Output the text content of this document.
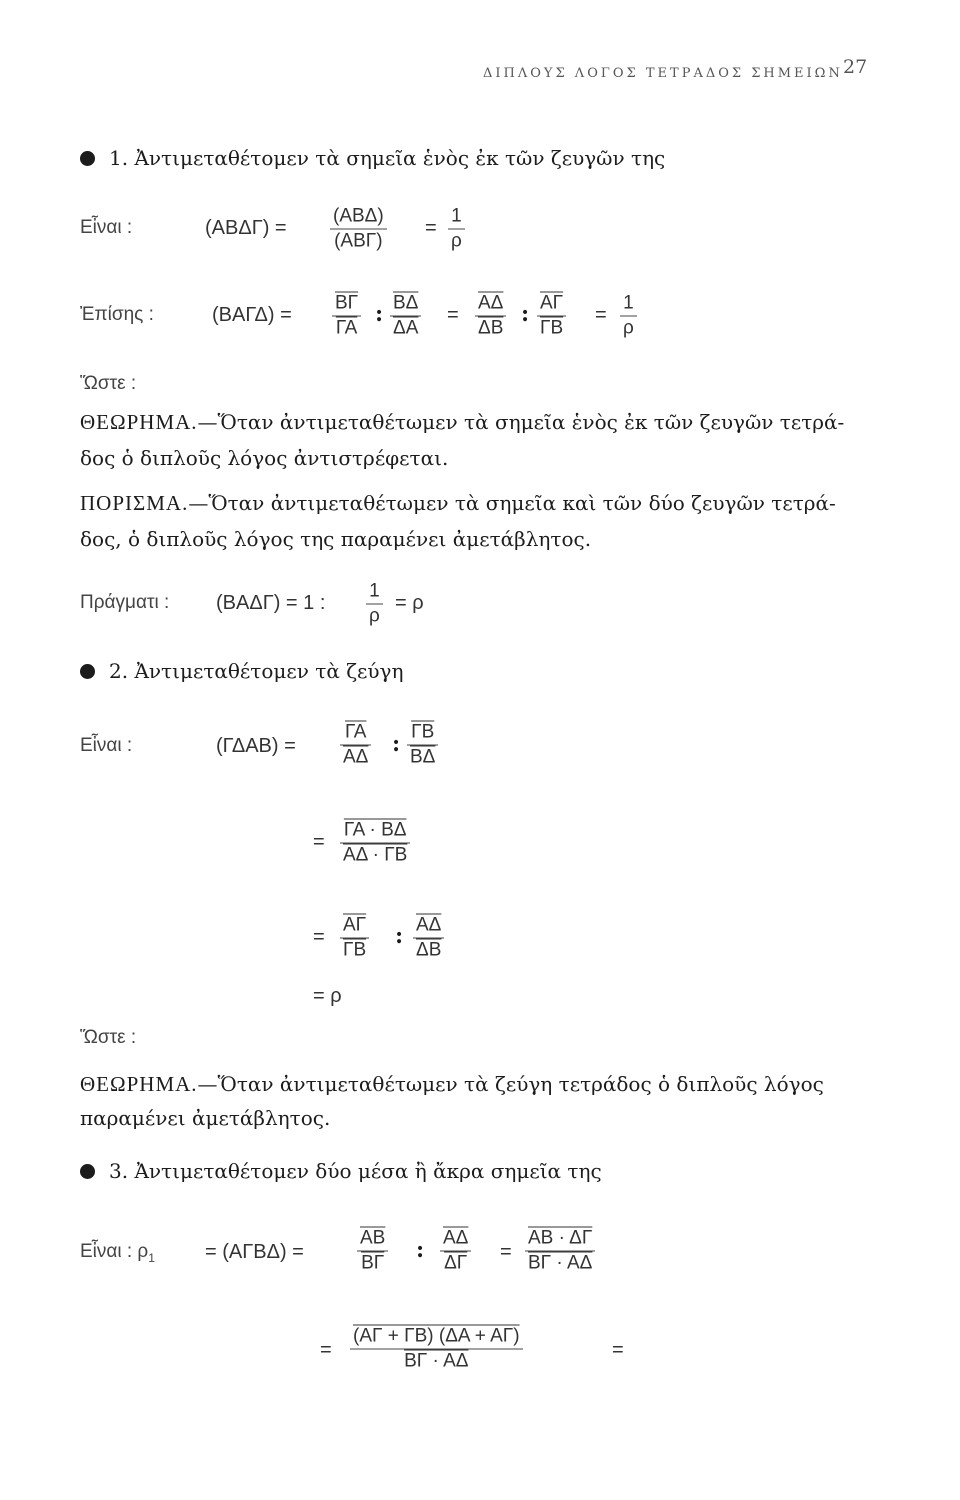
ΔΙΠΛΟΥΣ ΛΟΓΟΣ ΤΕΤΡΑΔΟΣ ΣΗΜΕΙΩΝ 27
1. Ἀντιμεταθέτομεν τὰ σημεῖα ἑνὸς ἐκ τῶν ζευγῶν της
Εἶναι :	(ΑΒΔΓ) =
(ΑΒΔ)
(ΑΒΓ)
=
1
ρ
Ἐπίσης :	$(BA\Gamma\Delta) = \frac{\overline{B\Gamma}}{\Gamma A}$ : $\frac{\overline{B\Delta}}{\Delta A} = \frac{\overline{A\Delta}}{\Delta B}$ : $\frac{\overline{A\Gamma}}{\Gamma B}$ =
1
ρ
Ὥστε :
ΘΕΩΡΗΜΑ.—Ὅταν ἀντιμεταθέτωμεν τὰ σημεῖα ἑνὸς ἐκ τῶν ζευγῶν τετρά-
δος ὁ διπλοῦς λόγος ἀντιστρέφεται.
ΠΟΡΙΣΜΑ.—Ὅταν ἀντιμεταθέτωμεν τὰ σημεῖα καὶ τῶν δύο ζευγῶν τετρά-
δος, ὁ διπλοῦς λόγος της παραμένει ἀμετάβλητος.
Πράγματι : (ΒΑΔΓ) = 1 :
1
ρ
= ρ
2. Ἀντιμεταθέτομεν τὰ ζεύγη
Εἶναι :	$(\Gamma\Delta AB) = \frac{\overline{\Gamma A}}{A\Delta}$ : $\frac{\overline{\Gamma B}}{B\Delta}$
= $\frac{\Gamma A \cdot B\Delta}{A\Delta \cdot \Gamma B}$
= $\frac{\overline{A\Gamma}}{\Gamma B}$ : $\frac{\overline{A\Delta}}{\Delta B}$
= ρ
Ὥστε :
ΘΕΩΡΗΜΑ.—Ὅταν ἀντιμεταθέτωμεν τὰ ζεύγη τετράδος ὁ διπλοῦς λόγος
παραμένει ἀμετάβλητος.
3. Ἀντιμεταθέτομεν δύο μέσα ἢ ἄκρα σημεῖα της
Εἶναι : $\rho_1$	= (ΑΓΒΔ) =	$\frac{\overline{AB}}{B\Gamma}$ : $\frac{\overline{A\Delta}}{\Delta\Gamma} = \frac{AB \cdot \Delta\Gamma}{B\Gamma \cdot A\Delta}$
= $\frac{(A\Gamma + \Gamma B) (\Delta A + A\Gamma)}{B\Gamma \cdot A\Delta}$	=
